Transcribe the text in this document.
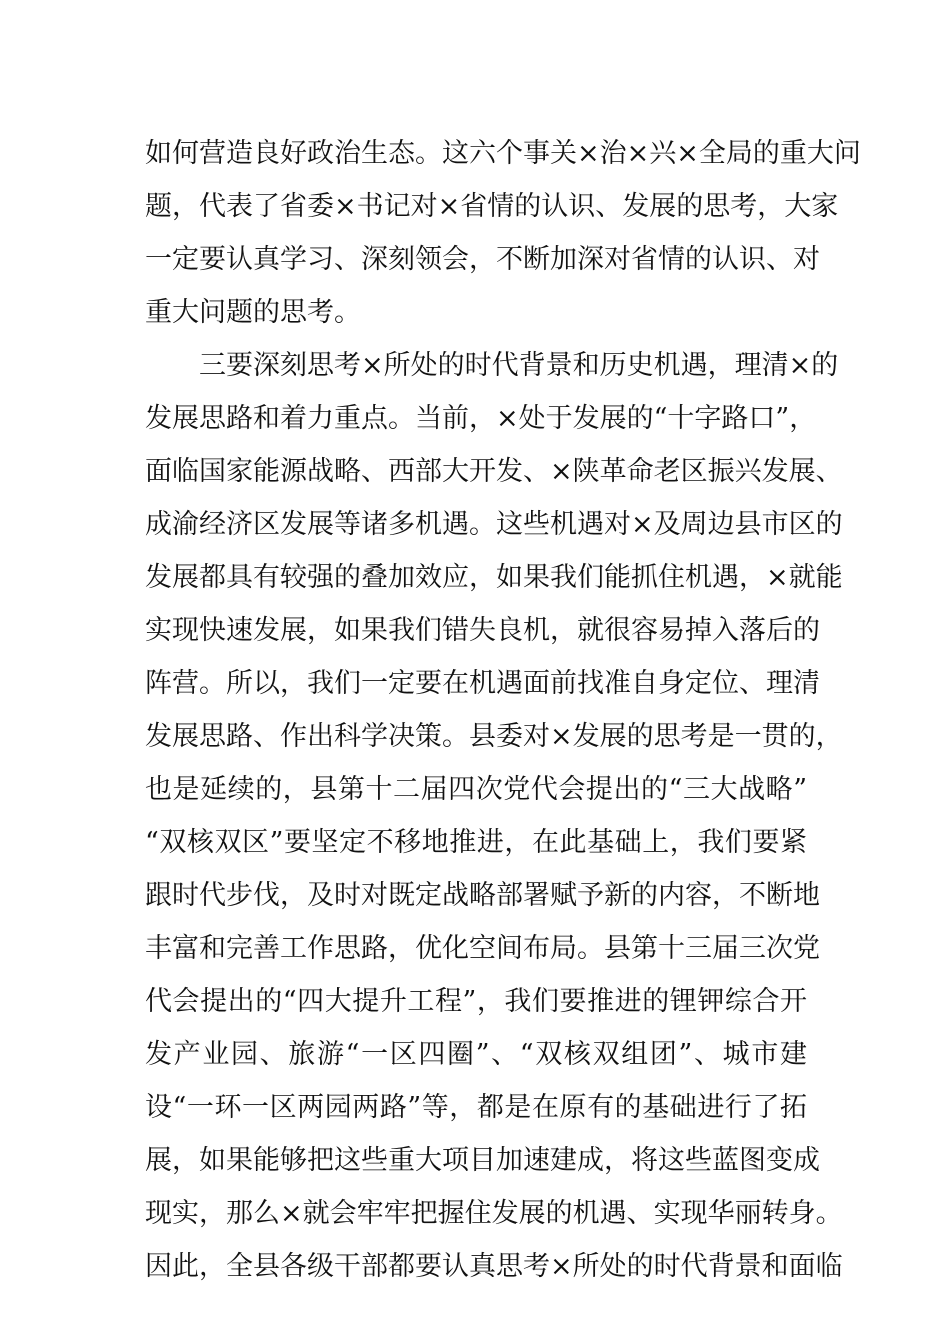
如何营造良好政治生态。这六个事关×治×兴×全局的重大问
题，代表了省委×书记对×省情的认识、发展的思考，大家
一定要认真学习、深刻领会，不断加深对省情的认识、对
重大问题的思考。
三要深刻思考×所处的时代背景和历史机遇，理清×的
发展思路和着力重点。当前，×处于发展的“十字路口”，
面临国家能源战略、西部大开发、×陕革命老区振兴发展、
成渝经济区发展等诸多机遇。这些机遇对×及周边县市区的
发展都具有较强的叠加效应，如果我们能抓住机遇，×就能
实现快速发展，如果我们错失良机，就很容易掉入落后的
阵营。所以，我们一定要在机遇面前找准自身定位、理清
发展思路、作出科学决策。县委对×发展的思考是一贯的，
也是延续的，县第十二届四次党代会提出的“三大战略”
“双核双区”要坚定不移地推进，在此基础上，我们要紧
跟时代步伐，及时对既定战略部署赋予新的内容，不断地
丰富和完善工作思路，优化空间布局。县第十三届三次党
代会提出的“四大提升工程”，我们要推进的锂钾综合开
发产业园、旅游“一区四圈”、“双核双组团”、城市建
设“一环一区两园两路”等，都是在原有的基础进行了拓
展，如果能够把这些重大项目加速建成，将这些蓝图变成
现实，那么×就会牢牢把握住发展的机遇、实现华丽转身。
因此，全县各级干部都要认真思考×所处的时代背景和面临
